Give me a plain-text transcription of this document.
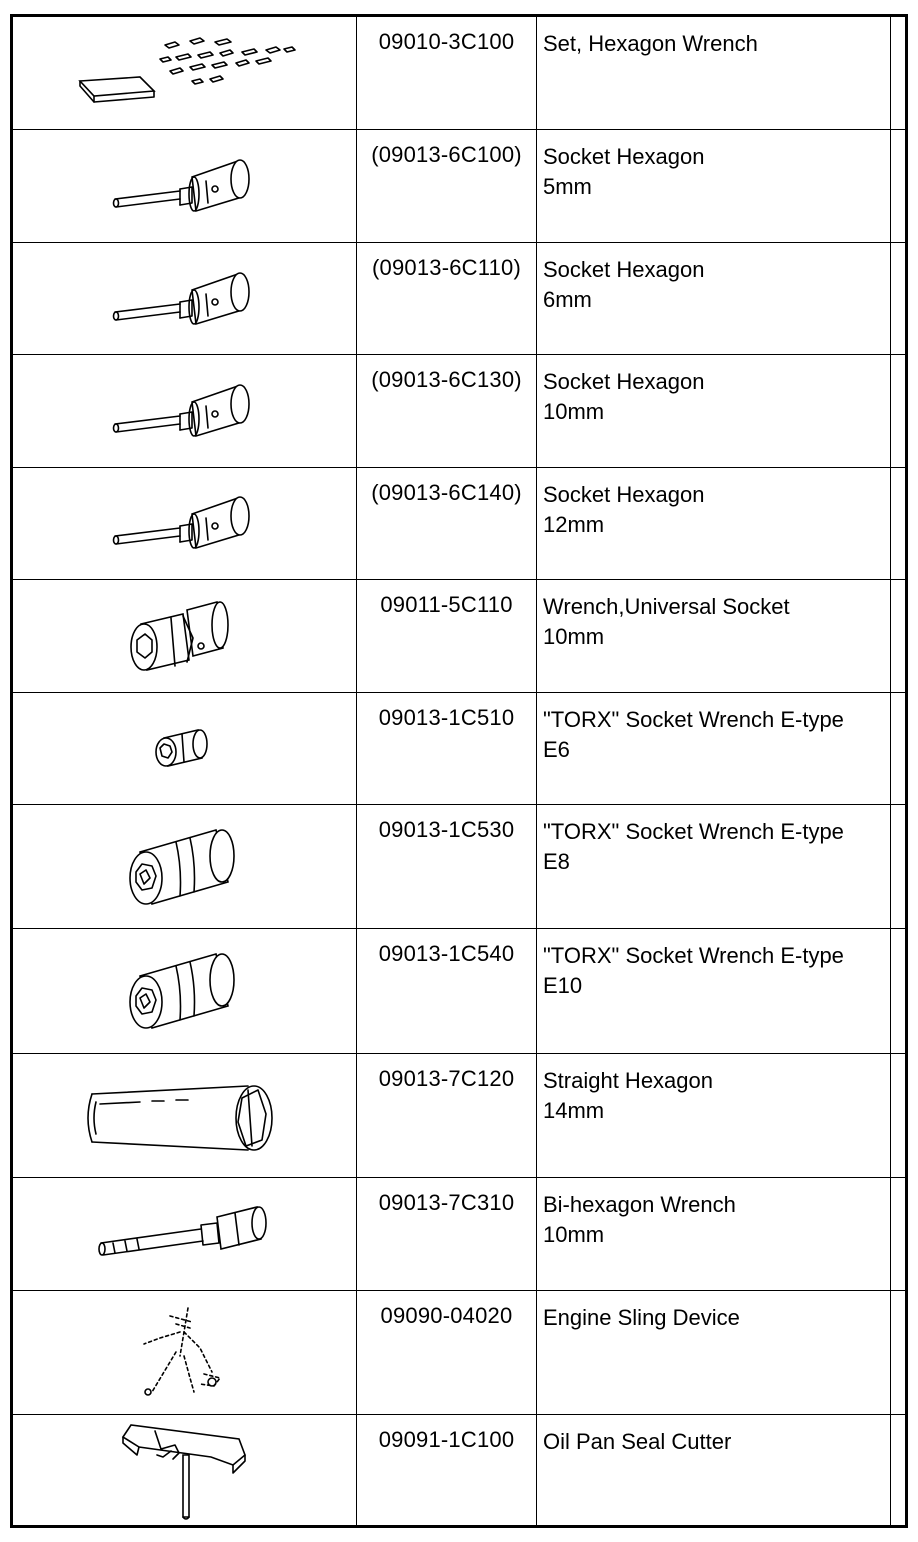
09010-3C100	Set, Hexagon Wrench
(09013-6C100) Socket Hexagon
5mm
(09013-6C110)	Socket Hexagon
6mm
(09013-6C130) Socket Hexagon
10mm
(09013-6C140) Socket Hexagon
12mm
09011-5C110	Wrench,Universal Socket
10mm
09013-1C510	"TORX" Socket Wrench E-type
E6
09013-1C530	"TORX" Socket Wrench E-type
E8
09013-1C540	"TORX" Socket Wrench E-type
E10
09013-7C120	Straight Hexagon
14mm
09013-7C310	Bi-hexagon Wrench
10mm
09090-04020	Engine Sling Device
09091-1C100	Oil Pan Seal Cutter
